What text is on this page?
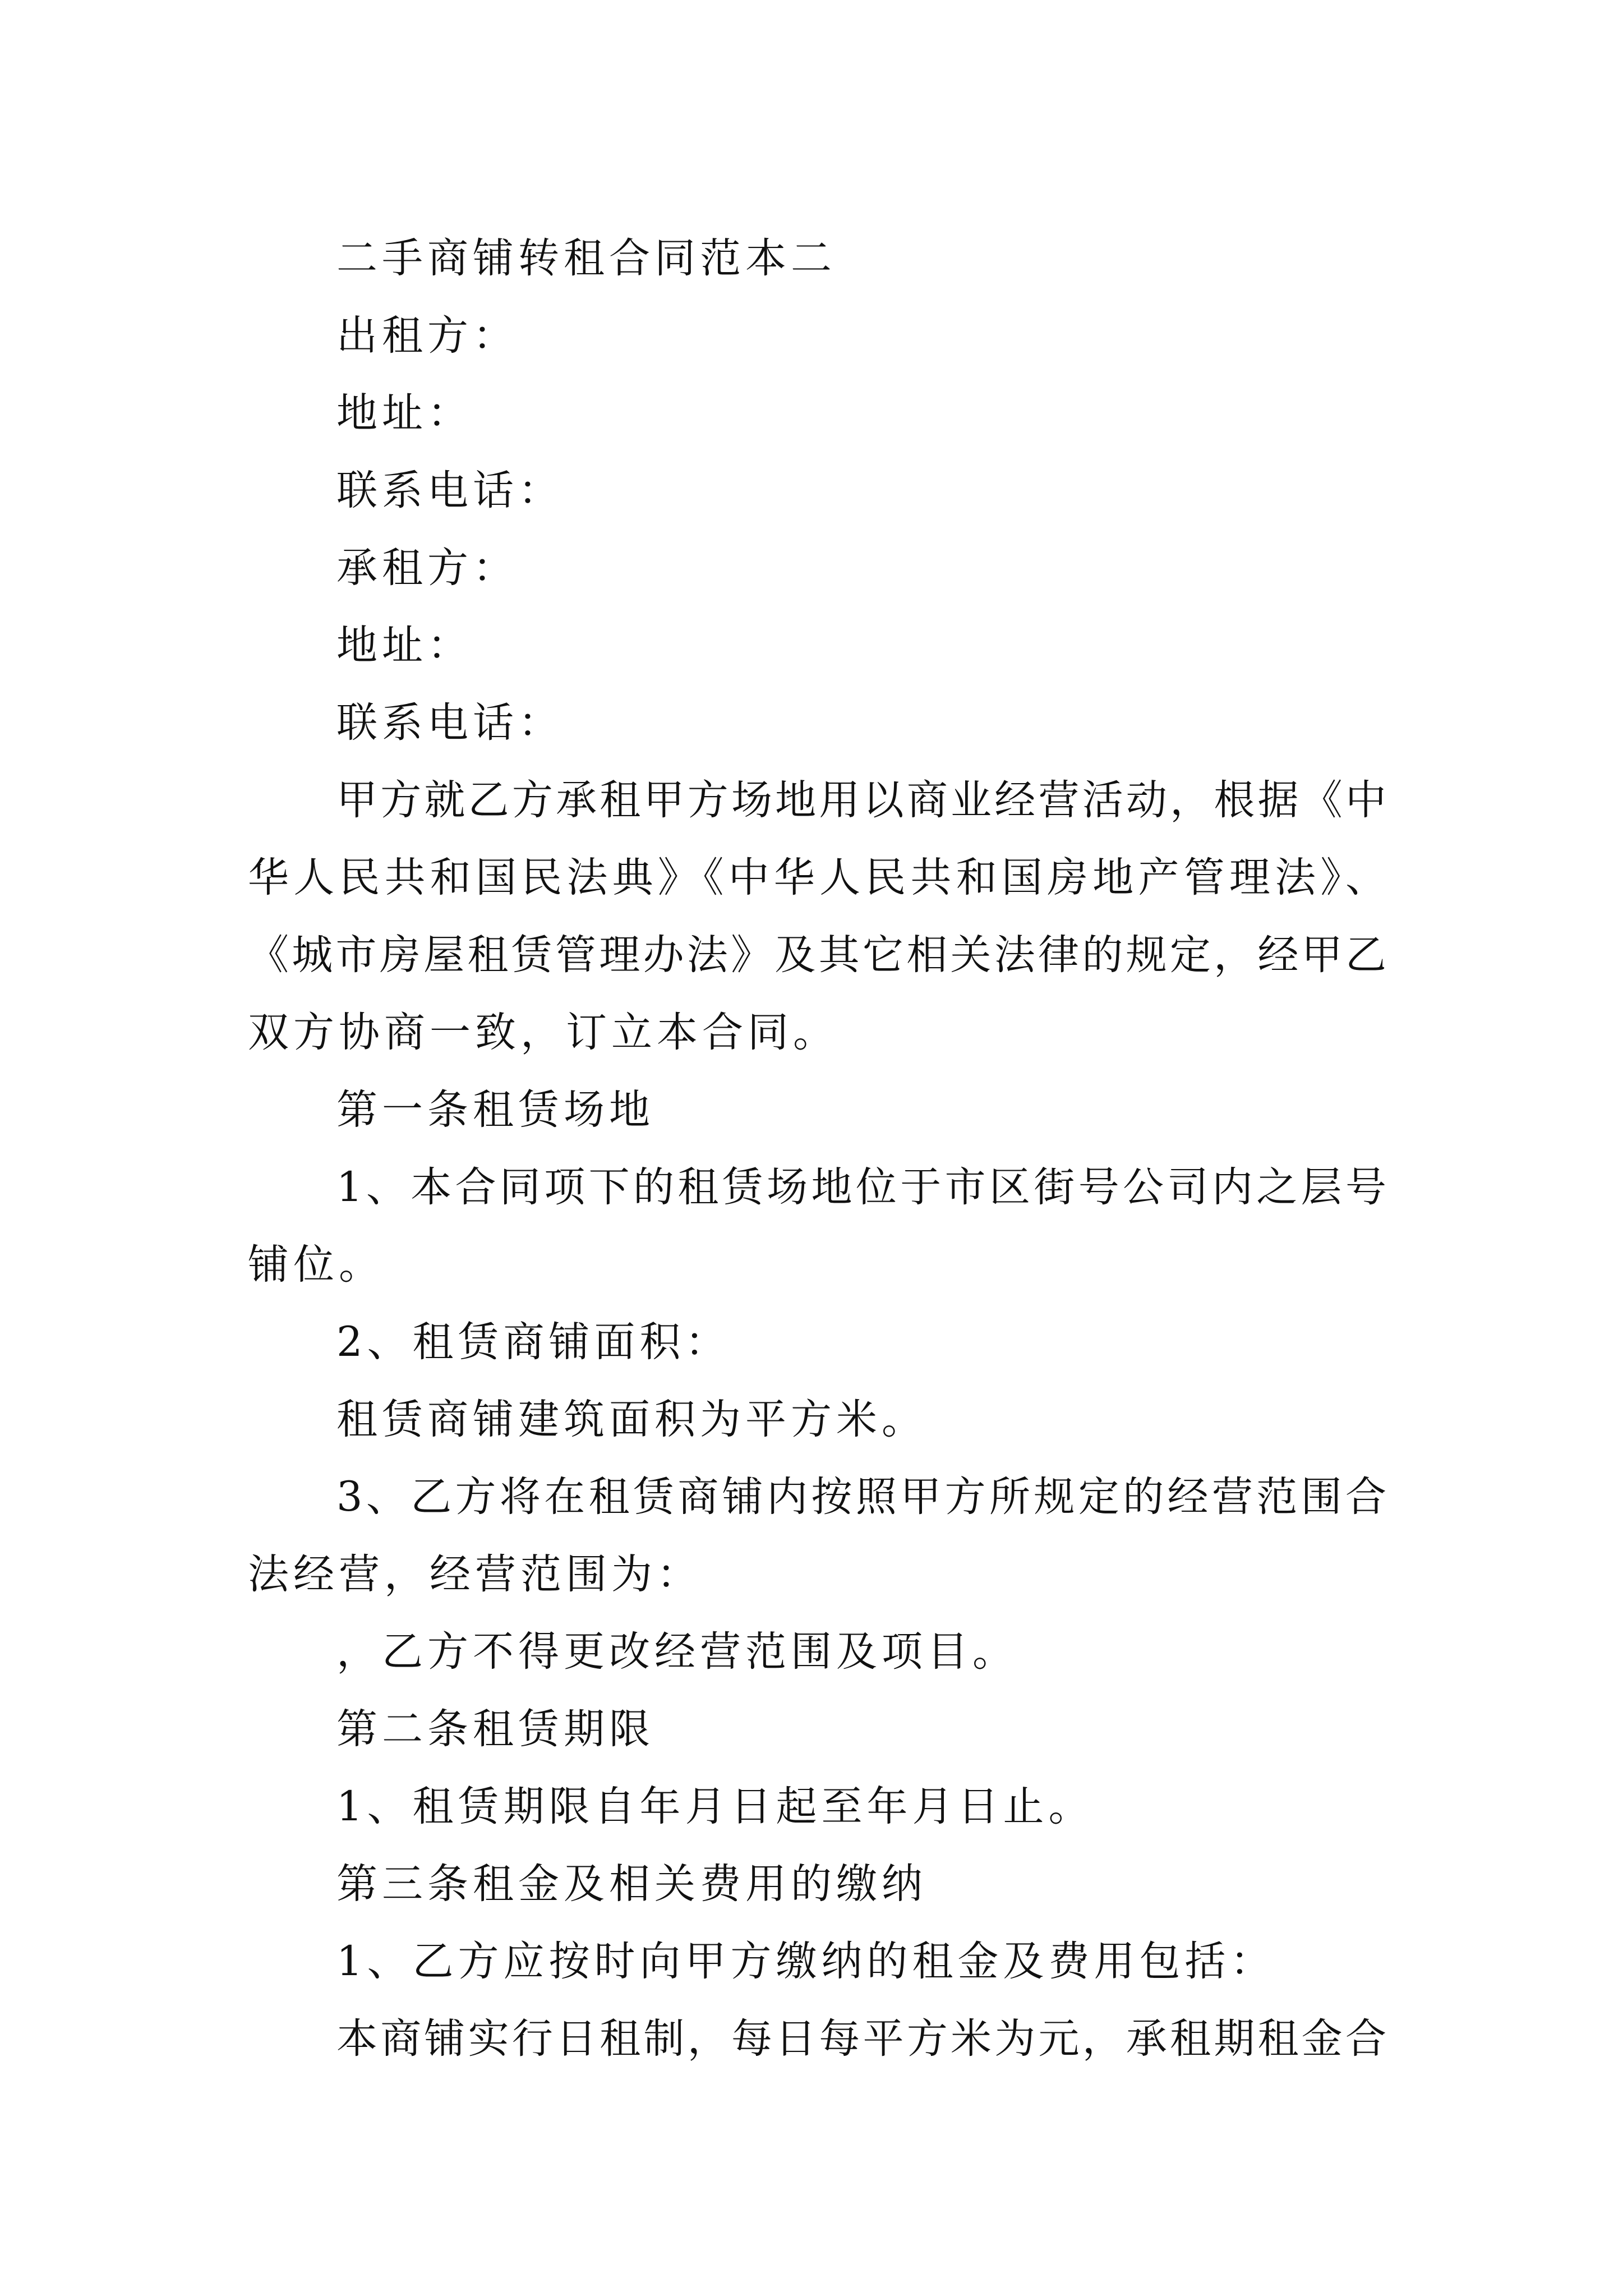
二手商铺转租合同范本二
出租方：
地址：
联系电话：
承租方：
地址：
联系电话：
甲方就乙方承租甲方场地用以商业经营活动，根据《中
华人民共和国民法典》《中华人民共和国房地产管理法》、
《城市房屋租赁管理办法》及其它相关法律的规定，经甲乙
双方协商一致，订立本合同。
第一条租赁场地
1、本合同项下的租赁场地位于市区街号公司内之层号
铺位。
2、租赁商铺面积：
租赁商铺建筑面积为平方米。
3、乙方将在租赁商铺内按照甲方所规定的经营范围合
法经营，经营范围为：
，乙方不得更改经营范围及项目。
第二条租赁期限
1、租赁期限自年月日起至年月日止。
第三条租金及相关费用的缴纳
1、乙方应按时向甲方缴纳的租金及费用包括：
本商铺实行日租制，每日每平方米为元，承租期租金合
